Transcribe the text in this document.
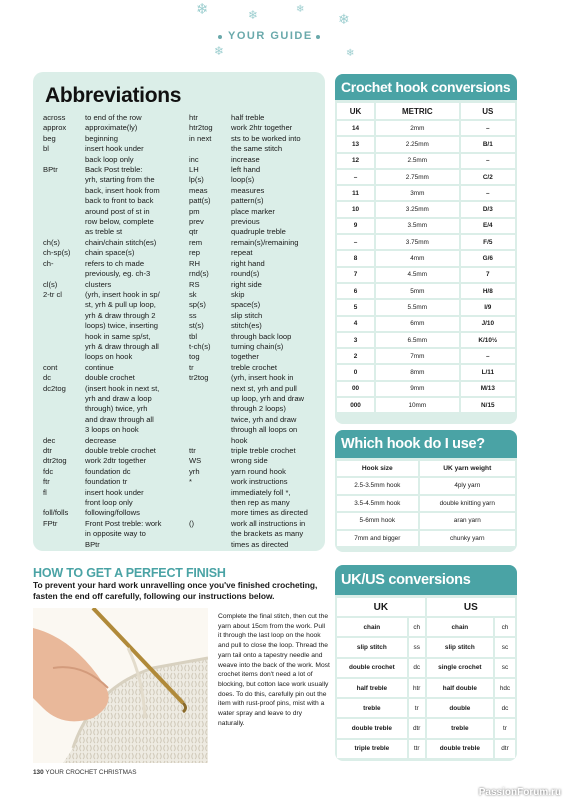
❄	❄	❄
❄
❄	❄
YOUR GUIDE
Abbreviations
across	to end of the row
approx	approximate(ly)
beg	beginning
bl	insert hook under
back loop only
BPtr	Back Post treble:
yrh, starting from the
back, insert hook from
back to front to back
around post of st in
row below, complete
as treble st
ch(s)	chain/chain stitch(es)
ch-sp(s)	chain space(s)
ch-	refers to ch made
previously, eg. ch-3
cl(s)	clusters
2-tr cl	(yrh, insert hook in sp/
st, yrh & pull up loop,
yrh & draw through 2
loops) twice, inserting
hook in same sp/st,
yrh & draw through all
loops on hook
cont	continue
dc	double crochet
dc2tog	(insert hook in next st,
yrh and draw a loop
through) twice, yrh
and draw through all
3 loops on hook
dec	decrease
dtr	double treble crochet
dtr2tog	work 2dtr together
fdc	foundation dc
ftr	foundation tr
fl	insert hook under
front loop only
foll/folls	following/follows
FPtr	Front Post treble: work
in opposite way to
BPtr
htr	half treble
htr2tog	work 2htr together
in next	sts to be worked into
the same stitch
inc	increase
LH	left hand
lp(s)	loop(s)
meas	measures
patt(s)	pattern(s)
pm	place marker
prev	previous
qtr	quadruple treble
rem	remain(s)/remaining
rep	repeat
RH	right hand
rnd(s)	round(s)
RS	right side
sk	skip
sp(s)	space(s)
ss	slip stitch
st(s)	stitch(es)
tbl	through back loop
t-ch(s)	turning chain(s)
tog	together
tr	treble crochet
tr2tog	(yrh, insert hook in
next st, yrh and pull
up loop, yrh and draw
through 2 loops)
twice, yrh and draw
through all loops on
hook
ttr	triple treble crochet
WS	wrong side
yrh	yarn round hook
*	work instructions
immediately foll *,
then rep as many
more times as directed
()	work all instructions in
the brackets as many
times as directed
Crochet hook conversions
UK	METRIC	US
14	2mm	–
13	2.25mm	B/1
12	2.5mm	–
–	2.75mm	C/2
11	3mm	–
10	3.25mm	D/3
9	3.5mm	E/4
–	3.75mm	F/5
8	4mm	G/6
7	4.5mm	7
6	5mm	H/8
5	5.5mm	I/9
4	6mm	J/10
3	6.5mm	K/10½
2	7mm	–
0	8mm	L/11
00	9mm	M/13
000	10mm	N/15
Which hook do I use?
Hook size	UK yarn weight
2.5-3.5mm hook	4ply yarn
3.5-4.5mm hook	double knitting yarn
5-6mm hook	aran yarn
7mm and bigger	chunky yarn
UK/US conversions
UK		US	
chain	ch	chain	ch
slip stitch	ss	slip stitch	sc
double crochet	dc	single crochet	sc
half treble	htr	half double	hdc
treble	tr	double	dc
double treble	dtr	treble	tr
triple treble	ttr	double treble	dtr
HOW TO GET A PERFECT FINISH
To prevent your hard work unravelling once you've finished crocheting, fasten the end off carefully, following our instructions below.
Complete the final stitch, then cut the yarn about 15cm from the work. Pull it through the last loop on the hook and pull to close the loop. Thread the yarn tail onto a tapestry needle and weave into the back of the work. Most crochet items don't need a lot of blocking, but cotton lace work usually does. To do this, carefully pin out the item with rust-proof pins, mist with a water spray and leave to dry naturally.
130 YOUR CROCHET CHRISTMAS
PassionForum.ru
